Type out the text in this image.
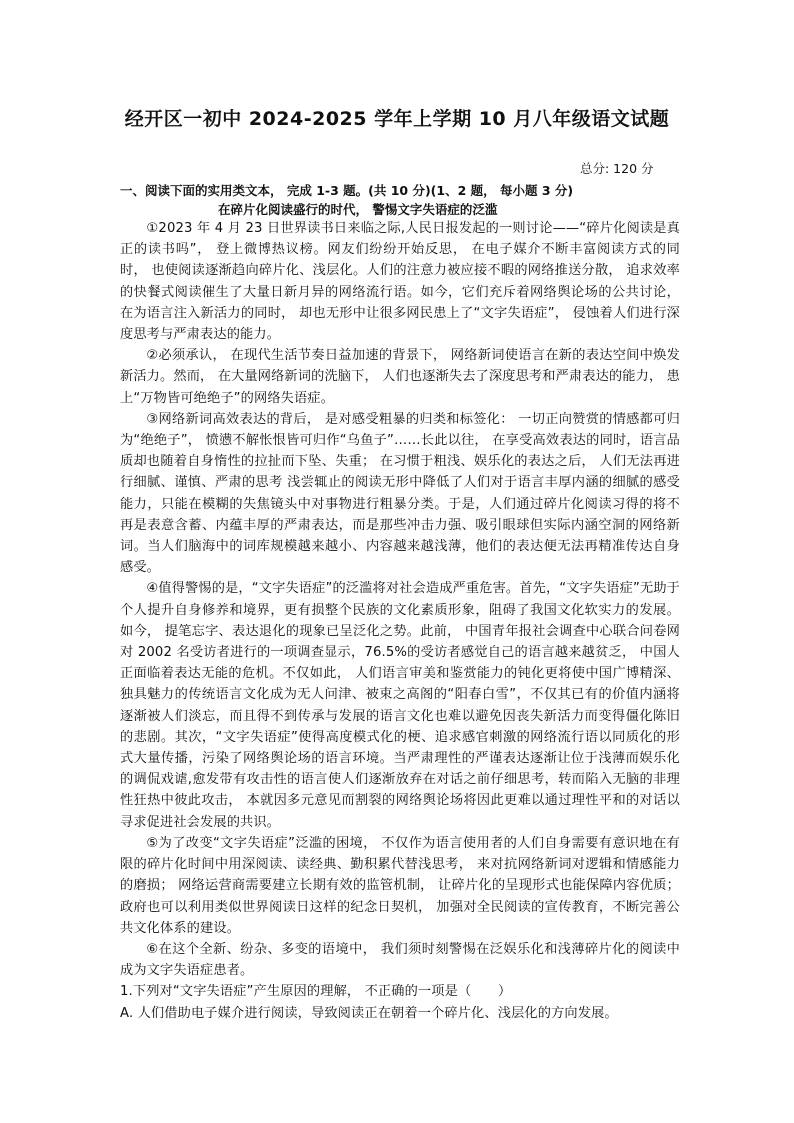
经开区一初中 2024-2025 学年上学期 10 月八年级语文试题
总分: 120 分
一、阅读下面的实用类文本， 完成 1-3 题。(共 10 分)(1、2 题， 每小题 3 分)
在碎片化阅读盛行的时代， 警惕文字失语症的泛滥

①2023 年 4 月 23 日世界读书日来临之际,人民日报发起的一则讨论——“碎片化阅读是真正的读书吗”， 登上微博热议榜。网友们纷纷开始反思， 在电子媒介不断丰富阅读方式的同时， 也使阅读逐渐趋向碎片化、浅层化。人们的注意力被应接不暇的网络推送分散， 追求效率的快餐式阅读催生了大量日新月异的网络流行语。如今，它们充斥着网络舆论场的公共讨论， 在为语言注入新活力的同时， 却也无形中让很多网民患上了“文字失语症”， 侵蚀着人们进行深度思考与严肃表达的能力。

②必须承认， 在现代生活节奏日益加速的背景下， 网络新词使语言在新的表达空间中焕发新活力。然而， 在大量网络新词的洗脑下， 人们也逐渐失去了深度思考和严肃表达的能力， 患上“万物皆可绝绝子”的网络失语症。

③网络新词高效表达的背后， 是对感受粗暴的归类和标签化： 一切正向赞赏的情感都可归为“绝绝子”， 愤懑不解怅恨皆可归作“乌鱼子”……长此以往， 在享受高效表达的同时，语言品质却也随着自身惰性的拉扯而下坠、失重； 在习惯于粗浅、娱乐化的表达之后， 人们无法再进行细腻、谨慎、严肃的思考 浅尝辄止的阅读无形中降低了人们对于语言丰厚内涵的细腻的感受能力，只能在模糊的失焦镜头中对事物进行粗暴分类。于是，人们通过碎片化阅读习得的将不再是表意含蓄、内蕴丰厚的严肃表达，而是那些冲击力强、吸引眼球但实际内涵空洞的网络新词。当人们脑海中的词库规模越来越小、内容越来越浅薄，他们的表达便无法再精准传达自身感受。

④值得警惕的是，“文字失语症”的泛滥将对社会造成严重危害。首先，“文字失语症”无助于个人提升自身修养和境界，更有损整个民族的文化素质形象，阻碍了我国文化软实力的发展。如今， 提笔忘字、表达退化的现象已呈泛化之势。此前， 中国青年报社会调查中心联合问卷网对 2002 名受访者进行的一项调查显示，76.5%的受访者感觉自己的语言越来越贫乏， 中国人正面临着表达无能的危机。不仅如此， 人们语言审美和鉴赏能力的钝化更将使中国广博精深、独具魅力的传统语言文化成为无人问津、被束之高阁的“阳春白雪”，不仅其已有的价值内涵将逐渐被人们淡忘，而且得不到传承与发展的语言文化也难以避免因丧失新活力而变得僵化陈旧的悲剧。其次，“文字失语症”使得高度模式化的梗、追求感官刺激的网络流行语以同质化的形式大量传播，污染了网络舆论场的语言环境。当严肃理性的严谨表达逐渐让位于浅薄而娱乐化的调侃戏谑,愈发带有攻击性的语言使人们逐渐放弃在对话之前仔细思考，转而陷入无脑的非理性狂热中彼此攻击， 本就因多元意见而割裂的网络舆论场将因此更难以通过理性平和的对话以寻求促进社会发展的共识。

⑤为了改变“文字失语症”泛滥的困境， 不仅作为语言使用者的人们自身需要有意识地在有限的碎片化时间中用深阅读、读经典、勤积累代替浅思考， 来对抗网络新词对逻辑和情感能力的磨损； 网络运营商需要建立长期有效的监管机制， 让碎片化的呈现形式也能保障内容优质； 政府也可以利用类似世界阅读日这样的纪念日契机， 加强对全民阅读的宣传教育，不断完善公共文化体系的建设。

⑥在这个全新、纷杂、多变的语境中， 我们须时刻警惕在泛娱乐化和浅薄碎片化的阅读中成为文字失语症患者。

1.下列对“文字失语症”产生原因的理解， 不正确的一项是（　　）

A. 人们借助电子媒介进行阅读，导致阅读正在朝着一个碎片化、浅层化的方向发展。
